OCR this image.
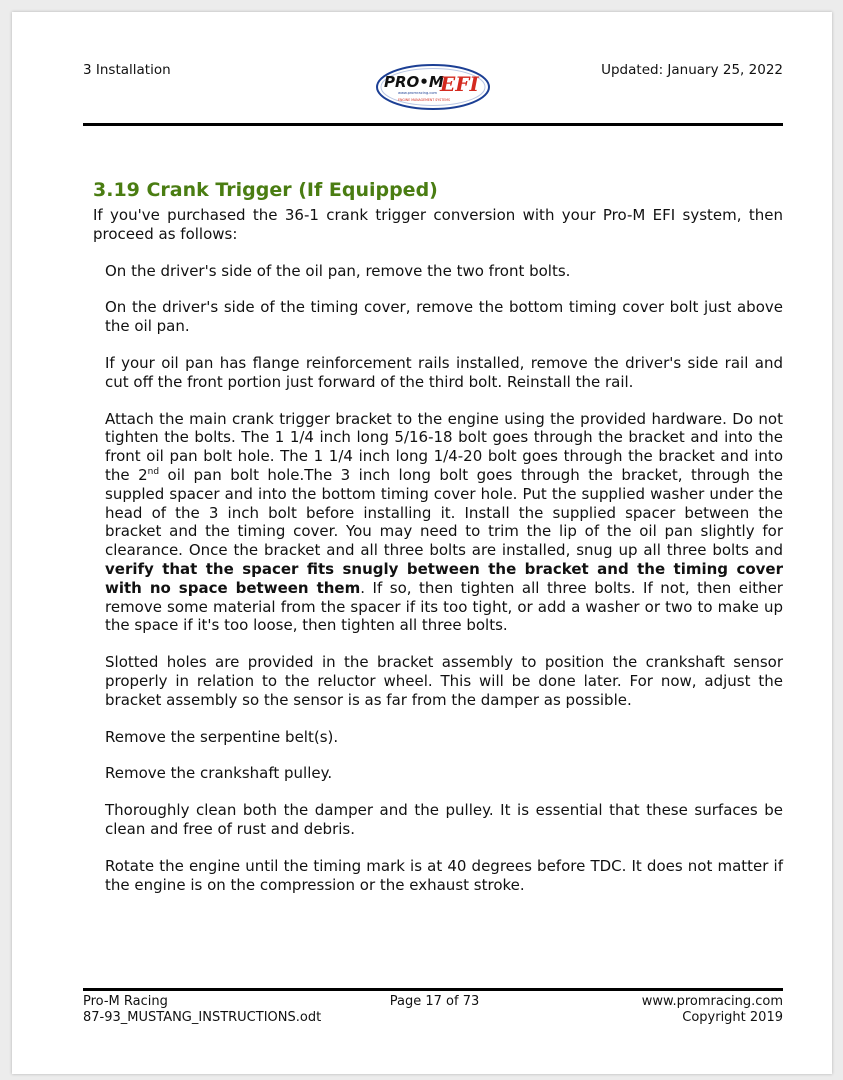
3 Installation
PRO•M
EFI
www.promracing.com
ENGINE MANAGEMENT SYSTEMS
Updated: January 25, 2022
3.19 Crank Trigger (If Equipped)

If you've purchased the 36-1 crank trigger conversion with your Pro-M EFI system, then proceed as follows:

On the driver's side of the oil pan, remove the two front bolts.

On the driver's side of the timing cover, remove the bottom timing cover bolt just above the oil pan.

If your oil pan has flange reinforcement rails installed, remove the driver's side rail and cut off the front portion just forward of the third bolt. Reinstall the rail.

Attach the main crank trigger bracket to the engine using the provided hardware. Do not tighten the bolts. The 1 1/4 inch long 5/16-18 bolt goes through the bracket and into the front oil pan bolt hole. The 1 1/4 inch long 1/4-20 bolt goes through the bracket and into the 2nd oil pan bolt hole.The 3 inch long bolt goes through the bracket, through the suppled spacer and into the bottom timing cover hole. Put the supplied washer under the head of the 3 inch bolt before installing it. Install the supplied spacer between the bracket and the timing cover. You may need to trim the lip of the oil pan slightly for clearance. Once the bracket and all three bolts are installed, snug up all three bolts and verify that the spacer fits snugly between the bracket and the timing cover with no space between them. If so, then tighten all three bolts. If not, then either remove some material from the spacer if its too tight, or add a washer or two to make up the space if it's too loose, then tighten all three bolts.

Slotted holes are provided in the bracket assembly to position the crankshaft sensor properly in relation to the reluctor wheel. This will be done later. For now, adjust the bracket assembly so the sensor is as far from the damper as possible.

Remove the serpentine belt(s).

Remove the crankshaft pulley.

Thoroughly clean both the damper and the pulley. It is essential that these surfaces be clean and free of rust and debris.

Rotate the engine until the timing mark is at 40 degrees before TDC. It does not matter if the engine is on the compression or the exhaust stroke.

Pro-M Racing
87-93_MUSTANG_INSTRUCTIONS.odt
Page 17 of 73	www.promracing.com
Copyright 2019
